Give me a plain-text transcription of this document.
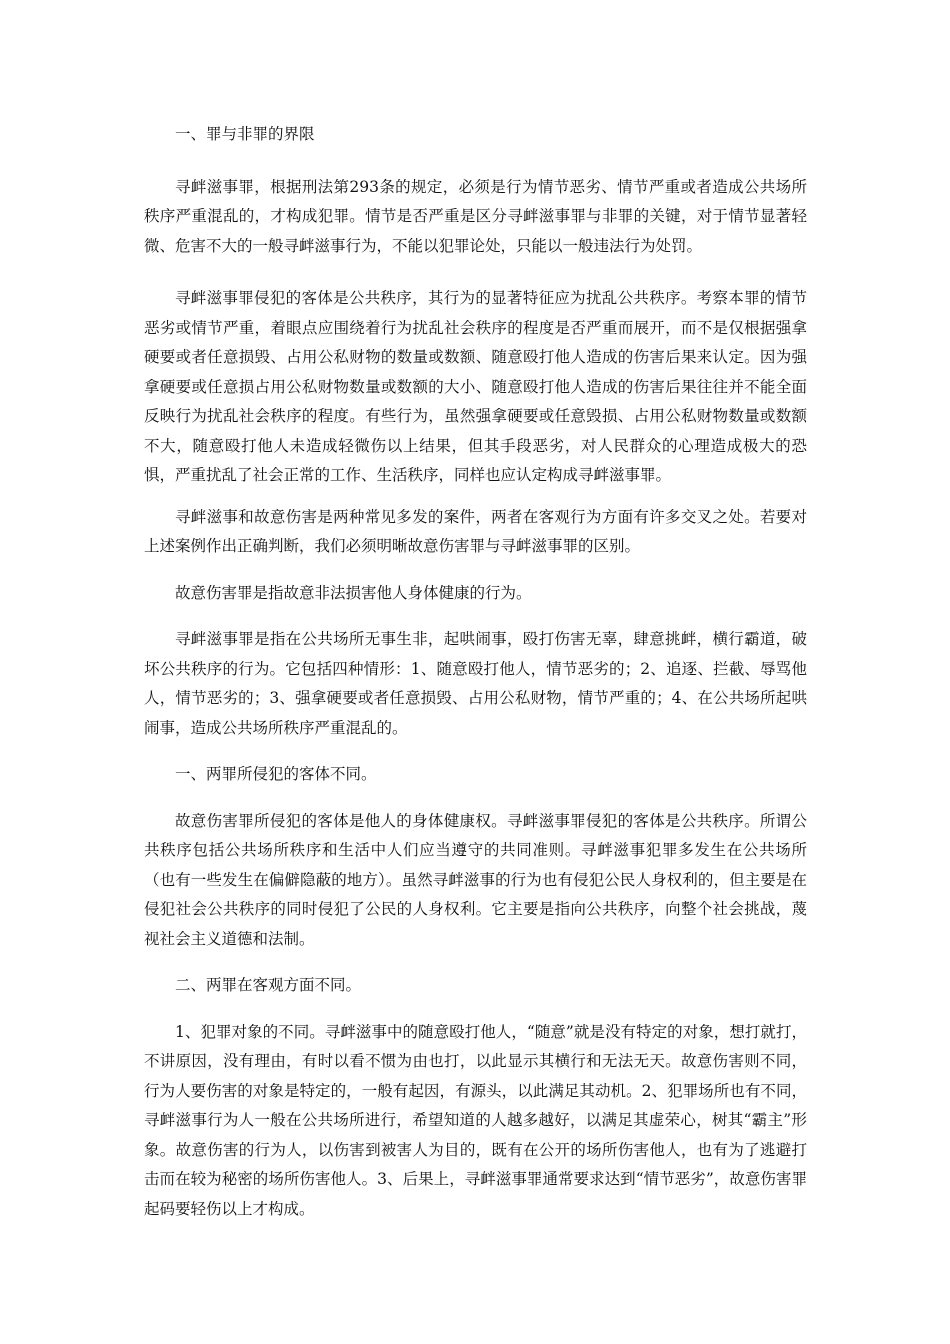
一、罪与非罪的界限

寻衅滋事罪，根据刑法第293条的规定，必须是行为情节恶劣、情节严重或者造成公共场所秩序严重混乱的，才构成犯罪。情节是否严重是区分寻衅滋事罪与非罪的关键，对于情节显著轻微、危害不大的一般寻衅滋事行为，不能以犯罪论处，只能以一般违法行为处罚。

寻衅滋事罪侵犯的客体是公共秩序，其行为的显著特征应为扰乱公共秩序。考察本罪的情节恶劣或情节严重，着眼点应围绕着行为扰乱社会秩序的程度是否严重而展开，而不是仅根据强拿硬要或者任意损毁、占用公私财物的数量或数额、随意殴打他人造成的伤害后果来认定。因为强拿硬要或任意损占用公私财物数量或数额的大小、随意殴打他人造成的伤害后果往往并不能全面反映行为扰乱社会秩序的程度。有些行为，虽然强拿硬要或任意毁损、占用公私财物数量或数额不大，随意殴打他人未造成轻微伤以上结果，但其手段恶劣，对人民群众的心理造成极大的恐惧，严重扰乱了社会正常的工作、生活秩序，同样也应认定构成寻衅滋事罪。

寻衅滋事和故意伤害是两种常见多发的案件，两者在客观行为方面有许多交叉之处。若要对上述案例作出正确判断，我们必须明晰故意伤害罪与寻衅滋事罪的区别。

故意伤害罪是指故意非法损害他人身体健康的行为。

寻衅滋事罪是指在公共场所无事生非，起哄闹事，殴打伤害无辜，肆意挑衅，横行霸道，破坏公共秩序的行为。它包括四种情形：1、随意殴打他人，情节恶劣的；2、追逐、拦截、辱骂他人，情节恶劣的；3、强拿硬要或者任意损毁、占用公私财物，情节严重的；4、在公共场所起哄闹事，造成公共场所秩序严重混乱的。

一、两罪所侵犯的客体不同。

故意伤害罪所侵犯的客体是他人的身体健康权。寻衅滋事罪侵犯的客体是公共秩序。所谓公共秩序包括公共场所秩序和生活中人们应当遵守的共同准则。寻衅滋事犯罪多发生在公共场所（也有一些发生在偏僻隐蔽的地方）。虽然寻衅滋事的行为也有侵犯公民人身权利的，但主要是在侵犯社会公共秩序的同时侵犯了公民的人身权利。它主要是指向公共秩序，向整个社会挑战，蔑视社会主义道德和法制。

二、两罪在客观方面不同。

1、犯罪对象的不同。寻衅滋事中的随意殴打他人，“随意”就是没有特定的对象，想打就打，不讲原因，没有理由，有时以看不惯为由也打，以此显示其横行和无法无天。故意伤害则不同，行为人要伤害的对象是特定的，一般有起因，有源头，以此满足其动机。2、犯罪场所也有不同，寻衅滋事行为人一般在公共场所进行，希望知道的人越多越好，以满足其虚荣心，树其“霸主”形象。故意伤害的行为人，以伤害到被害人为目的，既有在公开的场所伤害他人，也有为了逃避打击而在较为秘密的场所伤害他人。3、后果上，寻衅滋事罪通常要求达到“情节恶劣”，故意伤害罪起码要轻伤以上才构成。
